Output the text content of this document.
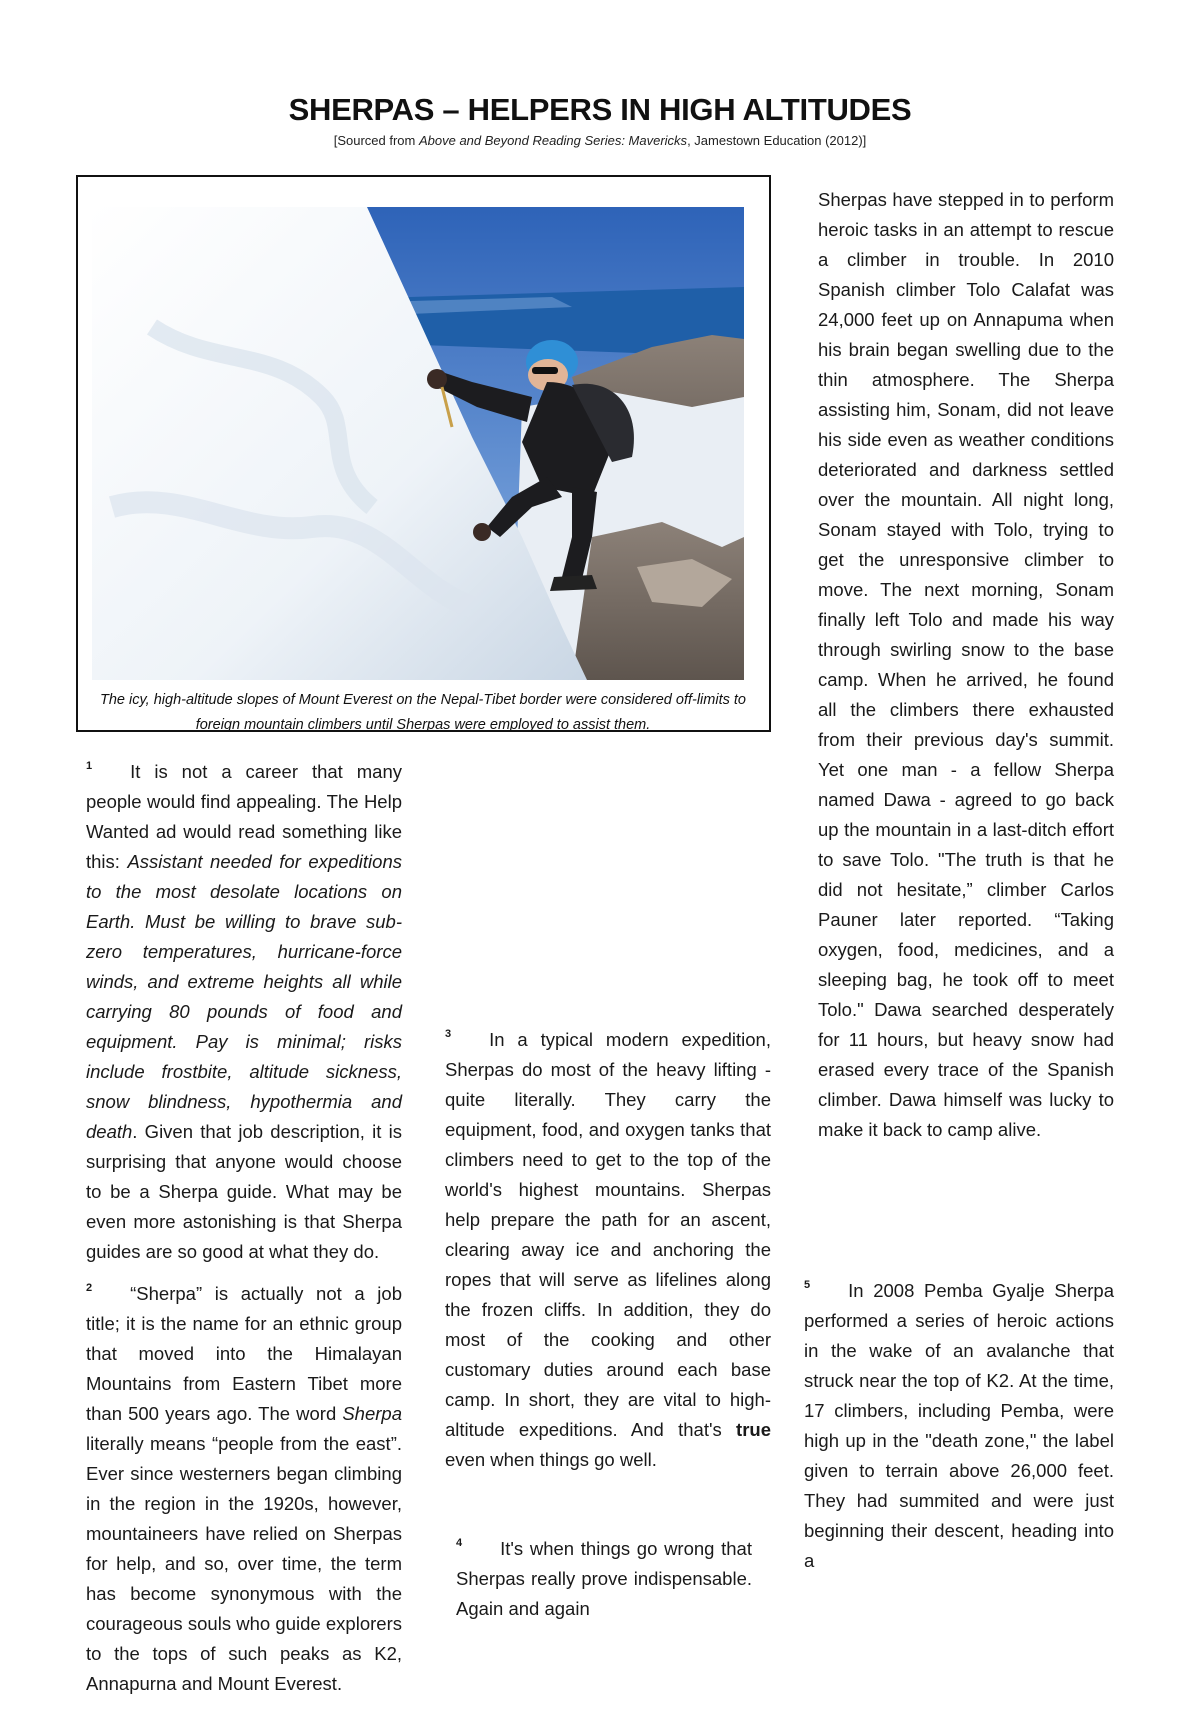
SHERPAS – HELPERS IN HIGH ALTITUDES
[Sourced from Above and Beyond Reading Series: Mavericks, Jamestown Education (2012)]
The icy, high-altitude slopes of Mount Everest on the Nepal-Tibet border were considered off-limits to foreign mountain climbers until Sherpas were employed to assist them.

$^1$ It is not a career that many people would find appealing. The Help Wanted ad would read something like this: Assistant needed for expeditions to the most desolate locations on Earth. Must be willing to brave sub-zero temperatures, hurricane-force winds, and extreme heights all while carrying 80 pounds of food and equipment. Pay is minimal; risks include frostbite, altitude sickness, snow blindness, hypothermia and death. Given that job description, it is surprising that anyone would choose to be a Sherpa guide. What may be even more astonishing is that Sherpa guides are so good at what they do.

$^2$ “Sherpa” is actually not a job title; it is the name for an ethnic group that moved into the Himalayan Mountains from Eastern Tibet more than 500 years ago. The word Sherpa literally means “people from the east”. Ever since westerners began climbing in the region in the 1920s, however, mountaineers have relied on Sherpas for help, and so, over time, the term has become synonymous with the courageous souls who guide explorers to the tops of such peaks as K2, Annapurna and Mount Everest.

$^3$ In a typical modern expedition, Sherpas do most of the heavy lifting - quite literally. They carry the equipment, food, and oxygen tanks that climbers need to get to the top of the world's highest mountains. Sherpas help prepare the path for an ascent, clearing away ice and anchoring the ropes that will serve as lifelines along the frozen cliffs. In addition, they do most of the cooking and other customary duties around each base camp. In short, they are vital to high-altitude expeditions. And that's true even when things go well.

$^4$ It's when things go wrong that Sherpas really prove indispensable. Again and again

Sherpas have stepped in to perform heroic tasks in an attempt to rescue a climber in trouble. In 2010 Spanish climber Tolo Calafat was 24,000 feet up on Annapuma when his brain began swelling due to the thin atmosphere. The Sherpa assisting him, Sonam, did not leave his side even as weather conditions deteriorated and darkness settled over the mountain. All night long, Sonam stayed with Tolo, trying to get the unresponsive climber to move. The next morning, Sonam finally left Tolo and made his way through swirling snow to the base camp. When he arrived, he found all the climbers there exhausted from their previous day's summit. Yet one man - a fellow Sherpa named Dawa - agreed to go back up the mountain in a last-ditch effort to save Tolo. "The truth is that he did not hesitate,” climber Carlos Pauner later reported. “Taking oxygen, food, medicines, and a sleeping bag, he took off to meet Tolo." Dawa searched desperately for 11 hours, but heavy snow had erased every trace of the Spanish climber. Dawa himself was lucky to make it back to camp alive.

$^5$ In 2008 Pemba Gyalje Sherpa performed a series of heroic actions in the wake of an avalanche that struck near the top of K2. At the time, 17 climbers, including Pemba, were high up in the "death zone," the label given to terrain above 26,000 feet. They had summited and were just beginning their descent, heading into a
